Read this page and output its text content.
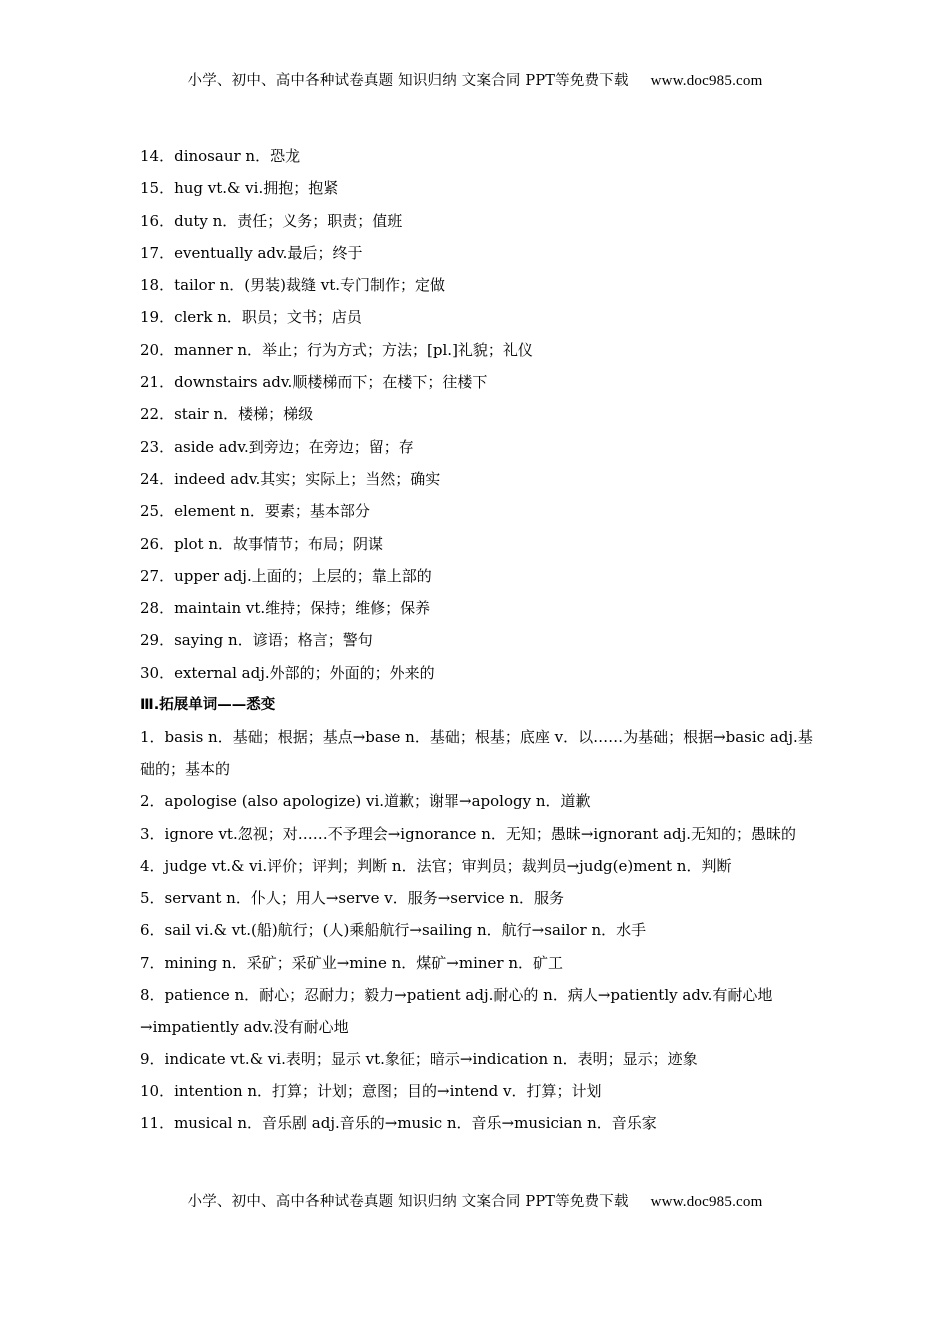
小学、初中、高中各种试卷真题 知识归纳 文案合同 PPT等免费下载 www.doc985.com
14．dinosaur n．恐龙
15．hug vt.& vi.拥抱；抱紧
16．duty n．责任；义务；职责；值班
17．eventually adv.最后；终于
18．tailor n．(男装)裁缝 vt.专门制作；定做
19．clerk n．职员；文书；店员
20．manner n．举止；行为方式；方法；[pl.]礼貌；礼仪
21．downstairs adv.顺楼梯而下；在楼下；往楼下
22．stair n．楼梯；梯级
23．aside adv.到旁边；在旁边；留；存
24．indeed adv.其实；实际上；当然；确实
25．element n．要素；基本部分
26．plot n．故事情节；布局；阴谋
27．upper adj.上面的；上层的；靠上部的
28．maintain vt.维持；保持；维修；保养
29．saying n．谚语；格言；警句
30．external adj.外部的；外面的；外来的
Ⅲ.拓展单词——悉变
1．basis n．基础；根据；基点→base n．基础；根基；底座 v．以……为基础；根据→basic adj.基础的；基本的
2．apologise (also apologize) vi.道歉；谢罪→apology n．道歉
3．ignore vt.忽视；对……不予理会→ignorance n．无知；愚昧→ignorant adj.无知的；愚昧的
4．judge vt.& vi.评价；评判；判断 n．法官；审判员；裁判员→judg(e)ment n．判断
5．servant n．仆人；用人→serve v．服务→service n．服务
6．sail vi.& vt.(船)航行；(人)乘船航行→sailing n．航行→sailor n．水手
7．mining n．采矿；采矿业→mine n．煤矿→miner n．矿工
8．patience n．耐心；忍耐力；毅力→patient adj.耐心的 n．病人→patiently adv.有耐心地→impatiently adv.没有耐心地
9．indicate vt.& vi.表明；显示 vt.象征；暗示→indication n．表明；显示；迹象
10．intention n．打算；计划；意图；目的→intend v．打算；计划
11．musical n．音乐剧 adj.音乐的→music n．音乐→musician n．音乐家
小学、初中、高中各种试卷真题 知识归纳 文案合同 PPT等免费下载 www.doc985.com
